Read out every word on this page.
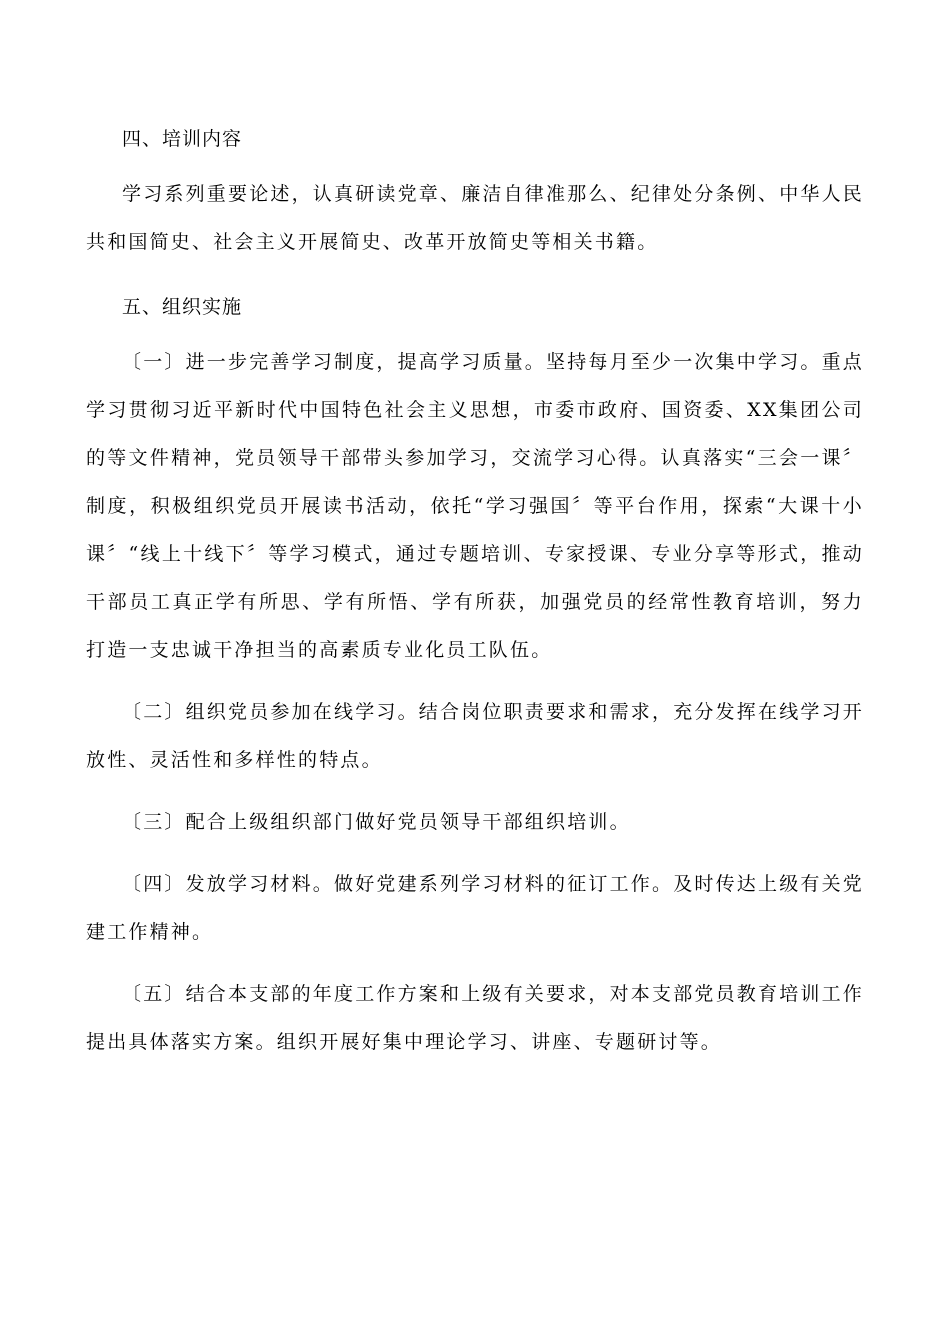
四、培训内容

学习系列重要论述，认真研读党章、廉洁自律准那么、纪律处分条例、中华人民共和国简史、社会主义开展简史、改革开放简史等相关书籍。

五、组织实施

〔一〕进一步完善学习制度，提高学习质量。坚持每月至少一次集中学习。重点学习贯彻习近平新时代中国特色社会主义思想，市委市政府、国资委、XX集团公司的等文件精神，党员领导干部带头参加学习，交流学习心得。认真落实“三会一课〞制度，积极组织党员开展读书活动，依托“学习强国〞等平台作用，探索“大课十小课〞“线上十线下〞等学习模式，通过专题培训、专家授课、专业分享等形式，推动干部员工真正学有所思、学有所悟、学有所获，加强党员的经常性教育培训，努力打造一支忠诚干净担当的高素质专业化员工队伍。

〔二〕组织党员参加在线学习。结合岗位职责要求和需求，充分发挥在线学习开放性、灵活性和多样性的特点。

〔三〕配合上级组织部门做好党员领导干部组织培训。

〔四〕发放学习材料。做好党建系列学习材料的征订工作。及时传达上级有关党建工作精神。

〔五〕结合本支部的年度工作方案和上级有关要求，对本支部党员教育培训工作提出具体落实方案。组织开展好集中理论学习、讲座、专题研讨等。
